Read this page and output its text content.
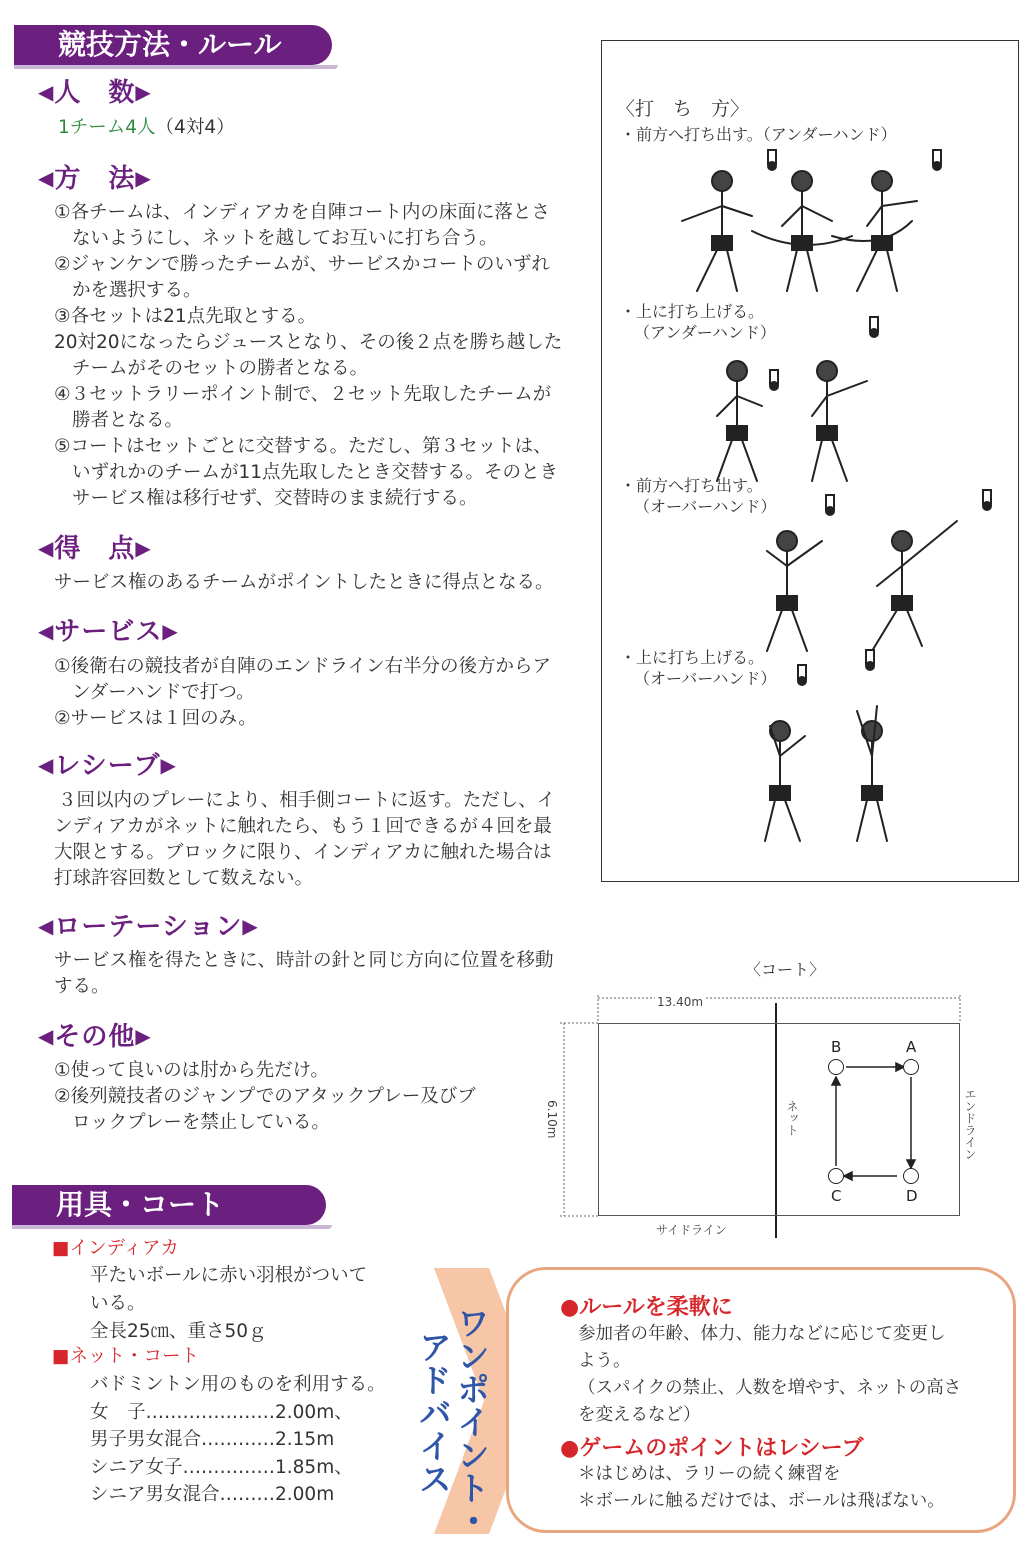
競技方法・ルール
◀人　数▶
1チーム4人（4対4）
◀方　法▶
①各チームは、インディアカを自陣コート内の床面に落とさ
ないようにし、ネットを越してお互いに打ち合う。
②ジャンケンで勝ったチームが、サービスかコートのいずれ
かを選択する。
③各セットは21点先取とする。
20対20になったらジュースとなり、その後２点を勝ち越した
チームがそのセットの勝者となる。
④３セットラリーポイント制で、２セット先取したチームが
勝者となる。
⑤コートはセットごとに交替する。ただし、第３セットは、
いずれかのチームが11点先取したとき交替する。そのとき
サービス権は移行せず、交替時のまま続行する。
◀得　点▶
サービス権のあるチームがポイントしたときに得点となる。
◀サービス▶
①後衛右の競技者が自陣のエンドライン右半分の後方からア
ンダーハンドで打つ。
②サービスは１回のみ。
◀レシーブ▶
３回以内のプレーにより、相手側コートに返す。ただし、イ
ンディアカがネットに触れたら、もう１回できるが４回を最
大限とする。ブロックに限り、インディアカに触れた場合は
打球許容回数として数えない。
◀ローテーション▶
サービス権を得たときに、時計の針と同じ方向に位置を移動
する。
◀その他▶
①使って良いのは肘から先だけ。
②後列競技者のジャンプでのアタックプレー及びブ
ロックプレーを禁止している。
用具・コート
■インディアカ
平たいボールに赤い羽根がついて
いる。
全長25㎝、重さ50ｇ
■ネット・コート
バドミントン用のものを利用する。
女　子…………………2.00m、
男子男女混合…………2.15m
シニア女子……………1.85m、
シニア男女混合………2.00m
〈打　ち　方〉
・前方へ打ち出す。（アンダーハンド）
・上に打ち上げる。
（アンダーハンド）
・前方へ打ち出す。
（オーバーハンド）
・上に打ち上げる。
（オーバーハンド）
〈コート〉
13.40m
6.10m	ネット	エンドライン
サイドライン
B	A
C	D
ワンポイント・
アドバイス
●ルールを柔軟に
参加者の年齢、体力、能力などに応じて変更し
よう。
（スパイクの禁止、人数を増やす、ネットの高さ
を変えるなど）
●ゲームのポイントはレシーブ
＊はじめは、ラリーの続く練習を
＊ボールに触るだけでは、ボールは飛ばない。
